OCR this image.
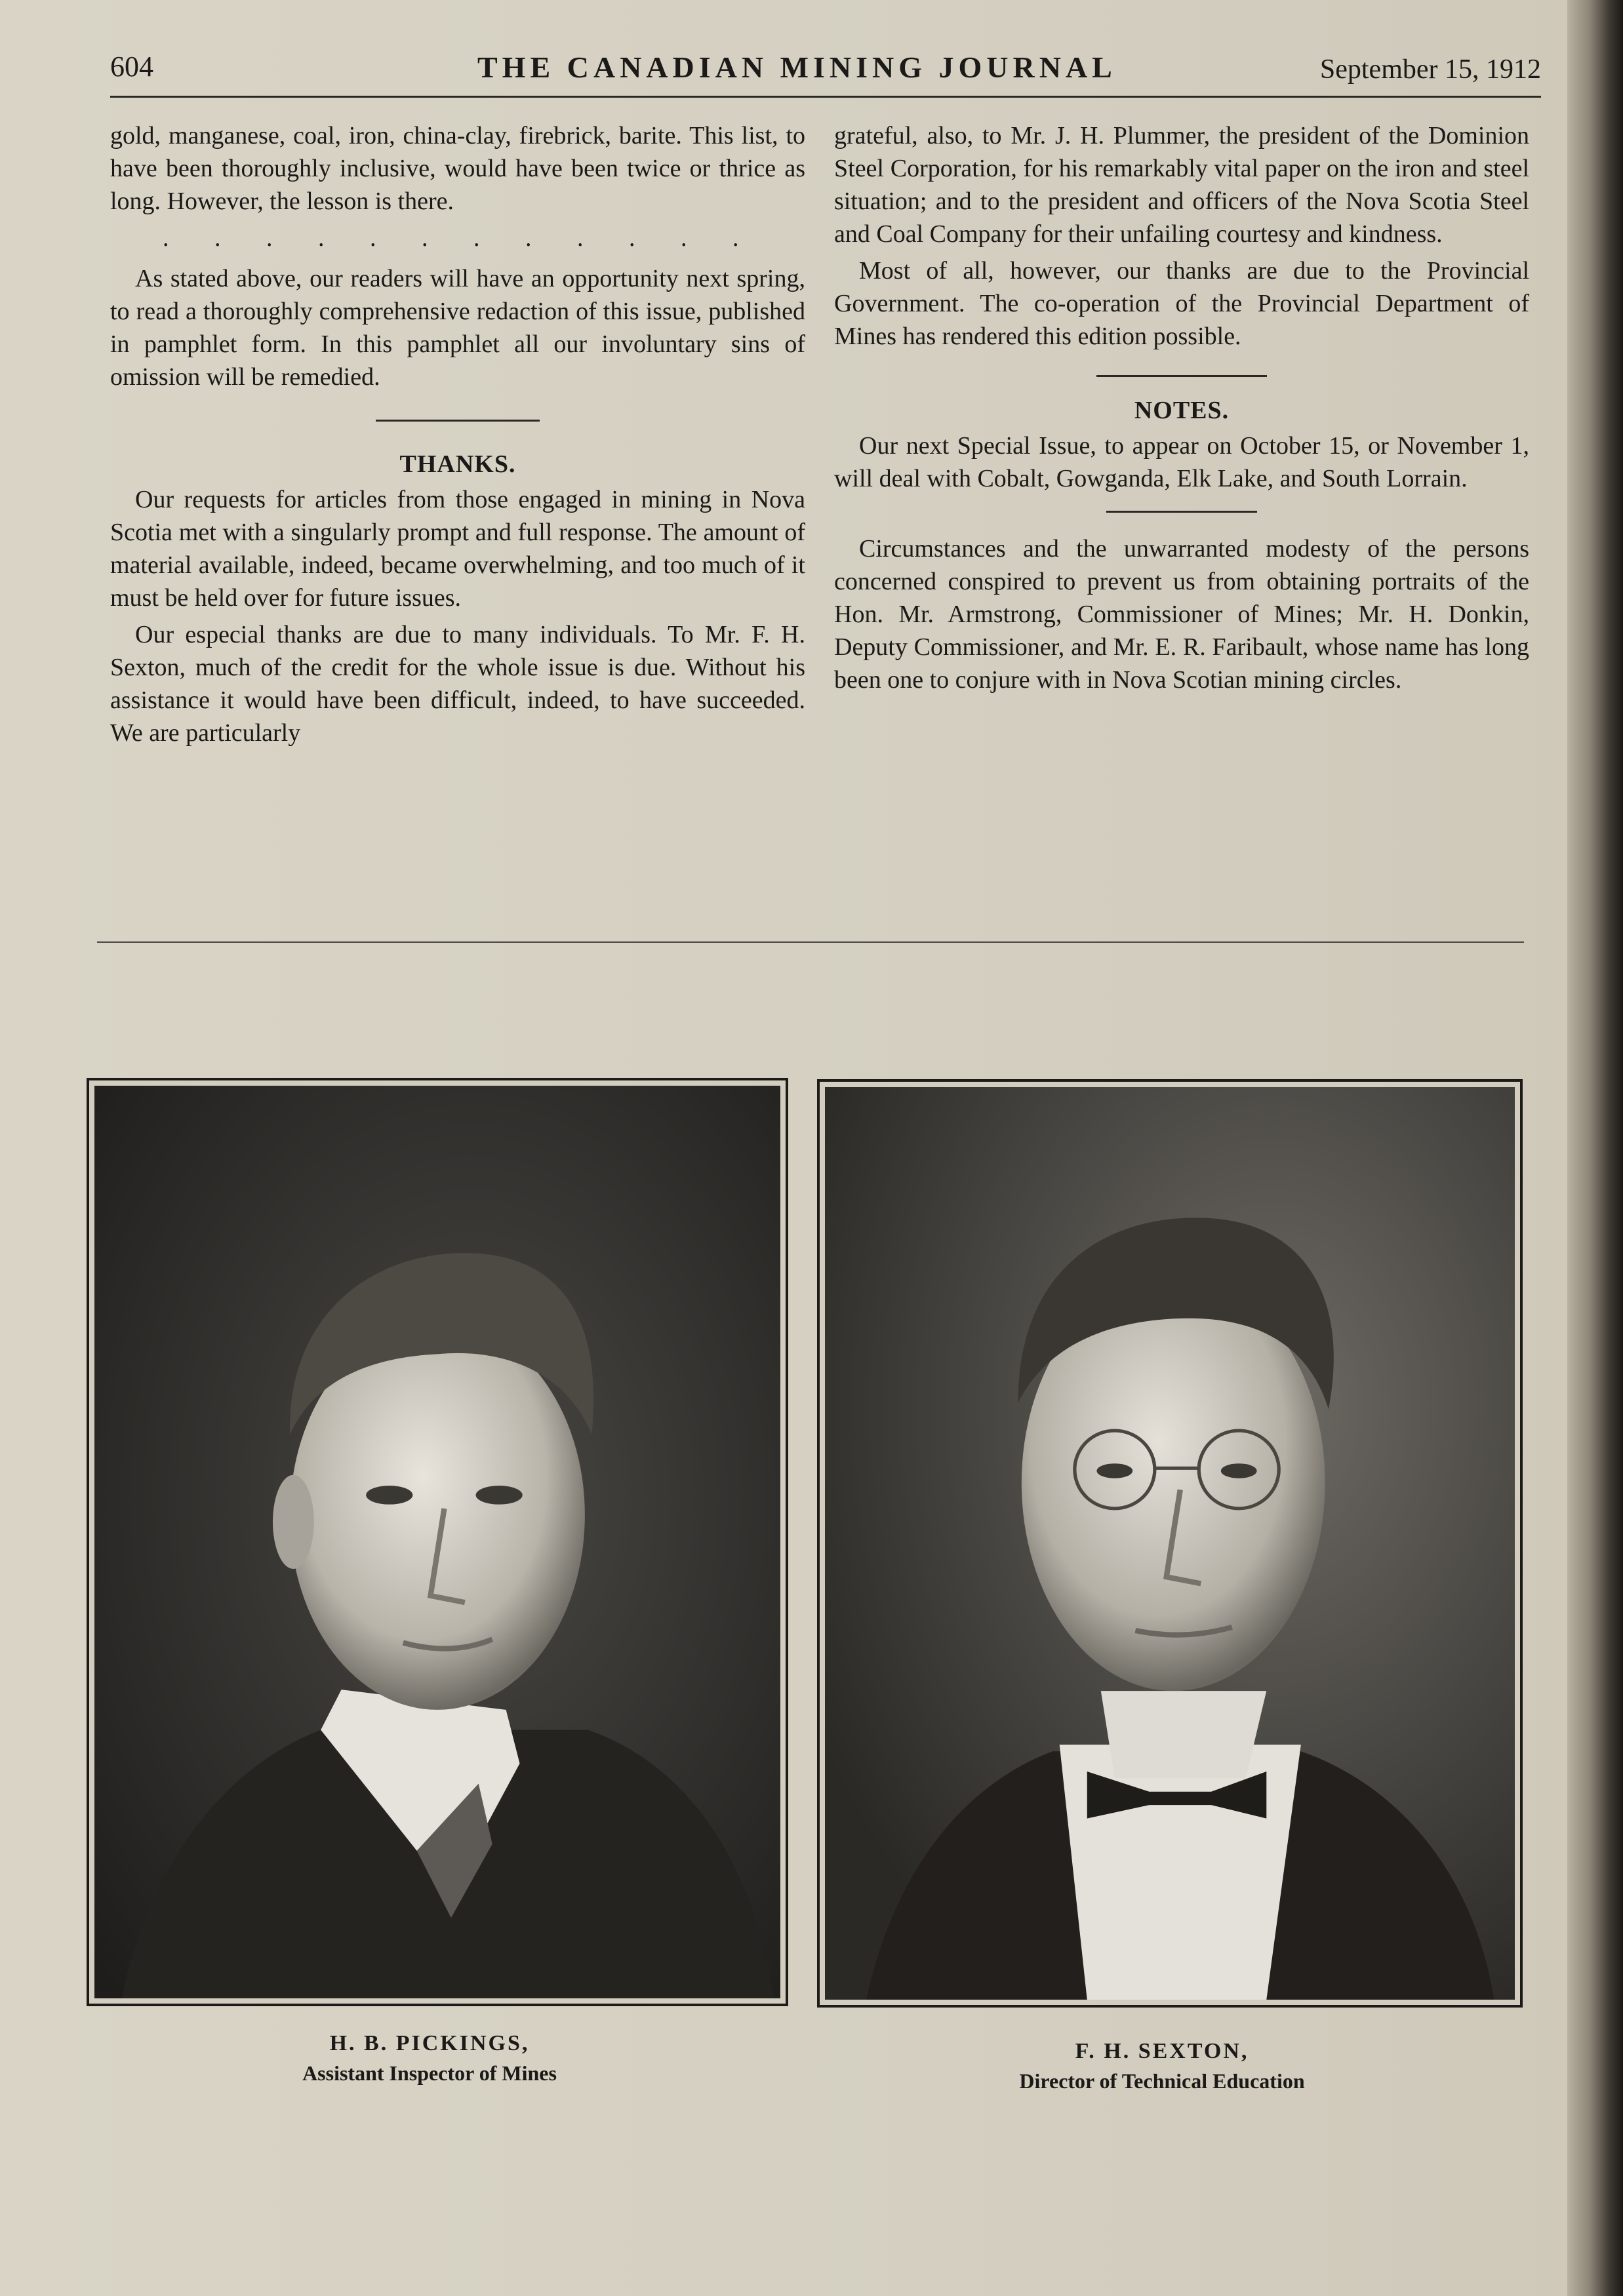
604	THE CANADIAN MINING JOURNAL	September 15, 1912

gold, manganese, coal, iron, china-clay, firebrick, barite. This list, to have been thoroughly inclusive, would have been twice or thrice as long. However, the lesson is there.

. . . . . . . . . . . .

As stated above, our readers will have an opportunity next spring, to read a thoroughly comprehensive redaction of this issue, published in pamphlet form. In this pamphlet all our involuntary sins of omission will be remedied.

THANKS.

Our requests for articles from those engaged in mining in Nova Scotia met with a singularly prompt and full response. The amount of material available, indeed, became overwhelming, and too much of it must be held over for future issues.

Our especial thanks are due to many individuals. To Mr. F. H. Sexton, much of the credit for the whole issue is due. Without his assistance it would have been difficult, indeed, to have succeeded. We are particularly

grateful, also, to Mr. J. H. Plummer, the president of the Dominion Steel Corporation, for his remarkably vital paper on the iron and steel situation; and to the president and officers of the Nova Scotia Steel and Coal Company for their unfailing courtesy and kindness.

Most of all, however, our thanks are due to the Provincial Government. The co-operation of the Provincial Department of Mines has rendered this edition possible.

NOTES.

Our next Special Issue, to appear on October 15, or November 1, will deal with Cobalt, Gowganda, Elk Lake, and South Lorrain.

Circumstances and the unwarranted modesty of the persons concerned conspired to prevent us from obtaining portraits of the Hon. Mr. Armstrong, Commissioner of Mines; Mr. H. Donkin, Deputy Commissioner, and Mr. E. R. Faribault, whose name has long been one to conjure with in Nova Scotian mining circles.

H. B. PICKINGS,
Assistant Inspector of Mines
F. H. SEXTON,
Director of Technical Education
